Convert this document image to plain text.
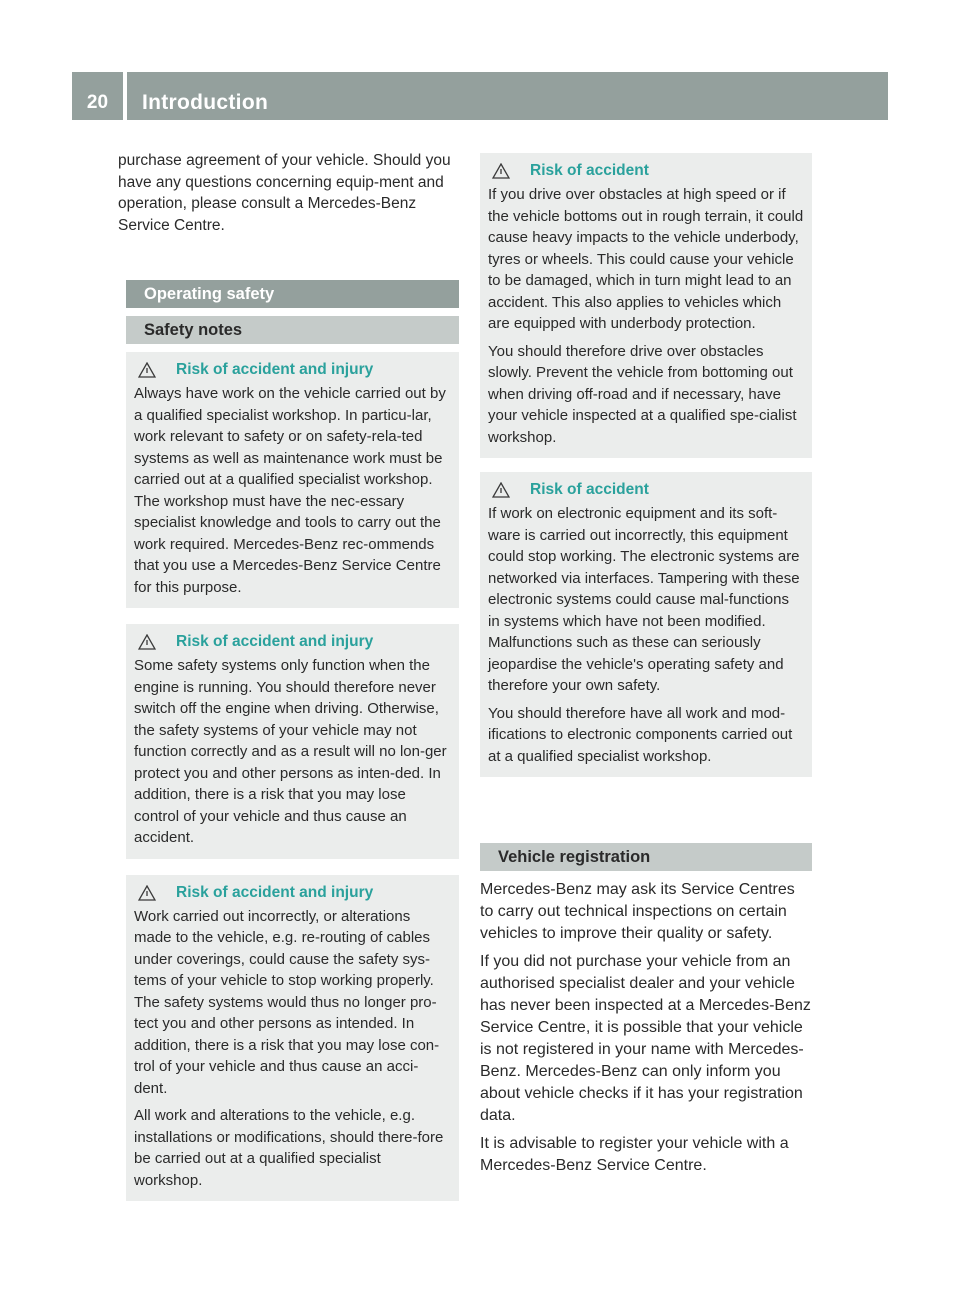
20	Introduction

purchase agreement of your vehicle. Should you have any questions concerning equip-ment and operation, please consult a Mercedes-Benz Service Centre.

Operating safety
Safety notes
Risk of accident and injury

Always have work on the vehicle carried out by a qualified specialist workshop. In particu-lar, work relevant to safety or on safety-rela-ted systems as well as maintenance work must be carried out at a qualified specialist workshop. The workshop must have the nec-essary specialist knowledge and tools to carry out the work required. Mercedes-Benz rec-ommends that you use a Mercedes-Benz Service Centre for this purpose.

Risk of accident and injury

Some safety systems only function when the engine is running. You should therefore never switch off the engine when driving. Otherwise, the safety systems of your vehicle may not function correctly and as a result will no lon-ger protect you and other persons as inten-ded. In addition, there is a risk that you may lose control of your vehicle and thus cause an accident.

Risk of accident and injury

Work carried out incorrectly, or alterations made to the vehicle, e.g. re-routing of cables under coverings, could cause the safety sys-tems of your vehicle to stop working properly. The safety systems would thus no longer pro-tect you and other persons as intended. In addition, there is a risk that you may lose con-trol of your vehicle and thus cause an acci-dent.

All work and alterations to the vehicle, e.g. installations or modifications, should there-fore be carried out at a qualified specialist workshop.

Risk of accident

If you drive over obstacles at high speed or if the vehicle bottoms out in rough terrain, it could cause heavy impacts to the vehicle underbody, tyres or wheels. This could cause your vehicle to be damaged, which in turn might lead to an accident. This also applies to vehicles which are equipped with underbody protection.

You should therefore drive over obstacles slowly. Prevent the vehicle from bottoming out when driving off-road and if necessary, have your vehicle inspected at a qualified spe-cialist workshop.

Risk of accident

If work on electronic equipment and its soft-ware is carried out incorrectly, this equipment could stop working. The electronic systems are networked via interfaces. Tampering with these electronic systems could cause mal-functions in systems which have not been modified. Malfunctions such as these can seriously jeopardise the vehicle's operating safety and therefore your own safety.

You should therefore have all work and mod-ifications to electronic components carried out at a qualified specialist workshop.

Vehicle registration

Mercedes-Benz may ask its Service Centres to carry out technical inspections on certain vehicles to improve their quality or safety.

If you did not purchase your vehicle from an authorised specialist dealer and your vehicle has never been inspected at a Mercedes-Benz Service Centre, it is possible that your vehicle is not registered in your name with Mercedes-Benz. Mercedes-Benz can only inform you about vehicle checks if it has your registration data.

It is advisable to register your vehicle with a Mercedes-Benz Service Centre.
